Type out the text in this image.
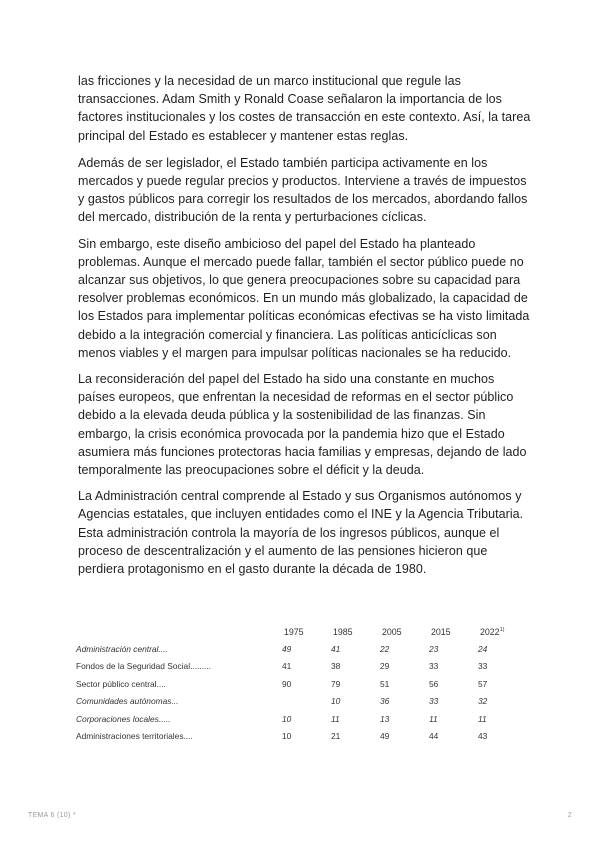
las fricciones y la necesidad de un marco institucional que regule las transacciones. Adam Smith y Ronald Coase señalaron la importancia de los factores institucionales y los costes de transacción en este contexto. Así, la tarea principal del Estado es establecer y mantener estas reglas.

Además de ser legislador, el Estado también participa activamente en los mercados y puede regular precios y productos. Interviene a través de impuestos y gastos públicos para corregir los resultados de los mercados, abordando fallos del mercado, distribución de la renta y perturbaciones cíclicas.

Sin embargo, este diseño ambicioso del papel del Estado ha planteado problemas. Aunque el mercado puede fallar, también el sector público puede no alcanzar sus objetivos, lo que genera preocupaciones sobre su capacidad para resolver problemas económicos. En un mundo más globalizado, la capacidad de los Estados para implementar políticas económicas efectivas se ha visto limitada debido a la integración comercial y financiera. Las políticas anticíclicas son menos viables y el margen para impulsar políticas nacionales se ha reducido.

La reconsideración del papel del Estado ha sido una constante en muchos países europeos, que enfrentan la necesidad de reformas en el sector público debido a la elevada deuda pública y la sostenibilidad de las finanzas. Sin embargo, la crisis económica provocada por la pandemia hizo que el Estado asumiera más funciones protectoras hacia familias y empresas, dejando de lado temporalmente las preocupaciones sobre el déficit y la deuda.

La Administración central comprende al Estado y sus Organismos autónomos y Agencias estatales, que incluyen entidades como el INE y la Agencia Tributaria. Esta administración controla la mayoría de los ingresos públicos, aunque el proceso de descentralización y el aumento de las pensiones hicieron que perdiera protagonismo en el gasto durante la década de 1980.

	1975	1985	2005	2015	2022$^{1)}$
Administración central....	49	41	22	23	24	
Fondos de la Seguridad Social.........	41	38	29	33	33	
Sector público central....	90	79	51	56	57	
Comunidades autónomas...		10	36	33	32	
Corporaciones locales.....	10	11	13	11	11	
Administraciones territoriales....	10	21	49	44	43	
TEMA 6 (10) *	2
